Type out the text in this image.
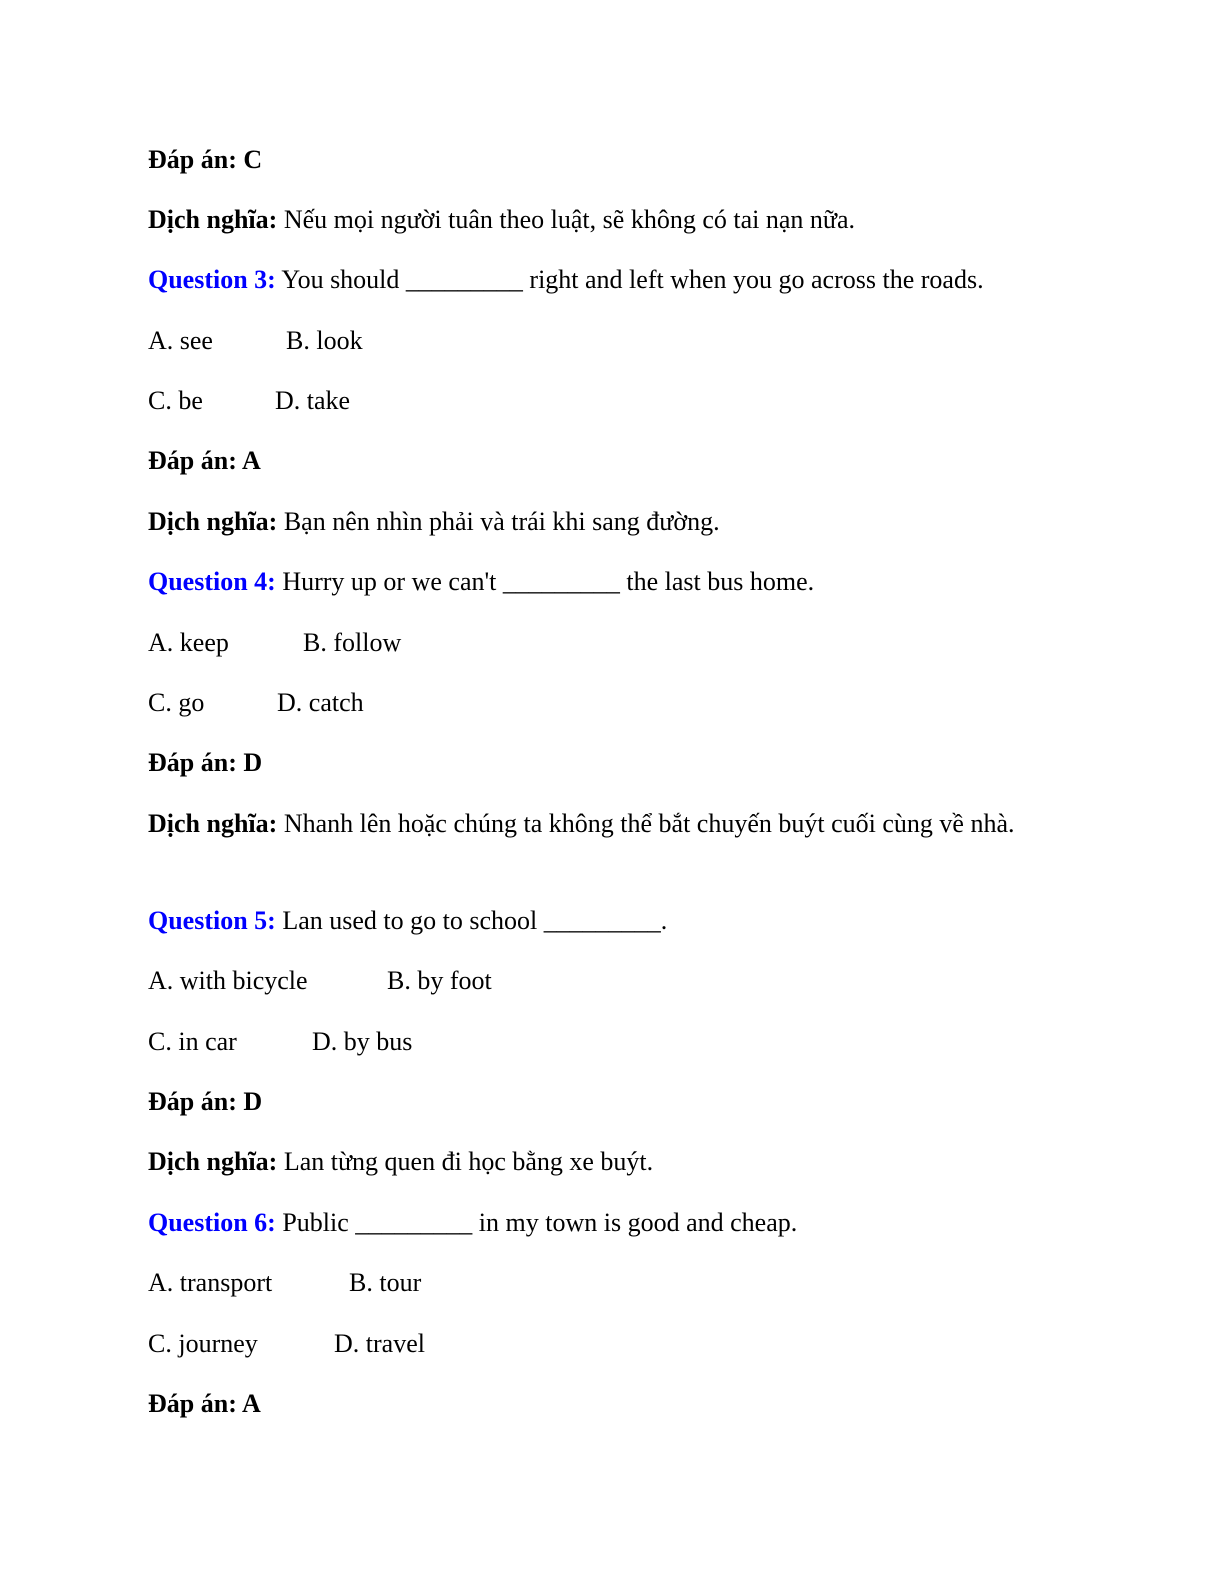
Đáp án: C
Dịch nghĩa: Nếu mọi người tuân theo luật, sẽ không có tai nạn nữa.
Question 3: You should _________ right and left when you go across the roads.
A. see	B. look
C. be	D. take
Đáp án: A
Dịch nghĩa: Bạn nên nhìn phải và trái khi sang đường.
Question 4: Hurry up or we can't _________ the last bus home.
A. keep	B. follow
C. go	D. catch
Đáp án: D
Dịch nghĩa: Nhanh lên hoặc chúng ta không thể bắt chuyến buýt cuối cùng về nhà.
Question 5: Lan used to go to school _________.
A. with bicycle	B. by foot
C. in car	D. by bus
Đáp án: D
Dịch nghĩa: Lan từng quen đi học bằng xe buýt.
Question 6: Public _________ in my town is good and cheap.
A. transport	B. tour
C. journey	D. travel
Đáp án: A
